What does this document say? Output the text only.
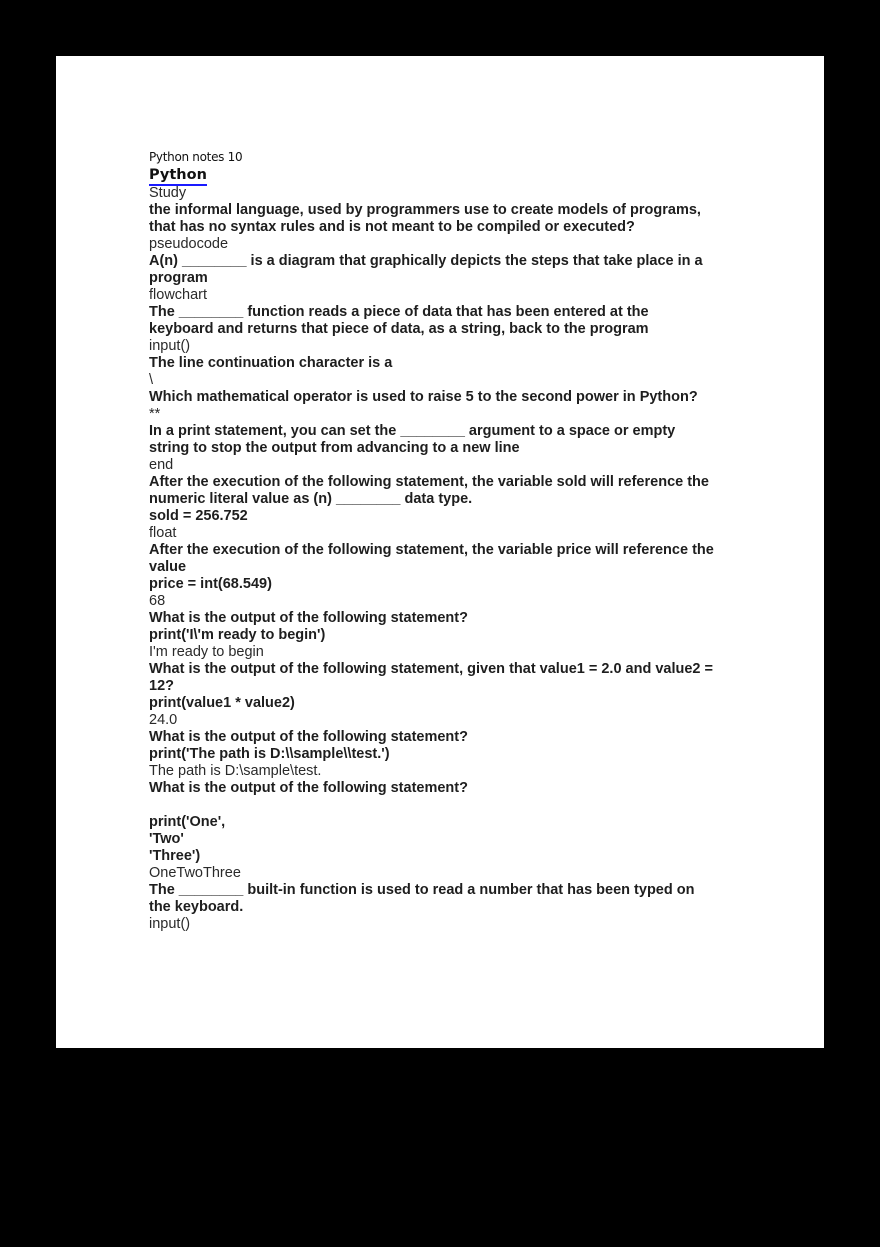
Python notes 10
Python
Study
the informal language, used by programmers use to create models of programs,
that has no syntax rules and is not meant to be compiled or executed?
pseudocode
A(n) ________ is a diagram that graphically depicts the steps that take place in a
program
flowchart
The ________ function reads a piece of data that has been entered at the
keyboard and returns that piece of data, as a string, back to the program
input()
The line continuation character is a
\
Which mathematical operator is used to raise 5 to the second power in Python?
**
In a print statement, you can set the ________ argument to a space or empty
string to stop the output from advancing to a new line
end
After the execution of the following statement, the variable sold will reference the
numeric literal value as (n) ________ data type.
sold = 256.752
float
After the execution of the following statement, the variable price will reference the
value
price = int(68.549)
68
What is the output of the following statement?
print('I\'m ready to begin')
I'm ready to begin
What is the output of the following statement, given that value1 = 2.0 and value2 =
12?
print(value1 * value2)
24.0
What is the output of the following statement?
print('The path is D:\\sample\\test.')
The path is D:\sample\test.
What is the output of the following statement?
print('One',
'Two'
'Three')
OneTwoThree
The ________ built-in function is used to read a number that has been typed on
the keyboard.
input()
